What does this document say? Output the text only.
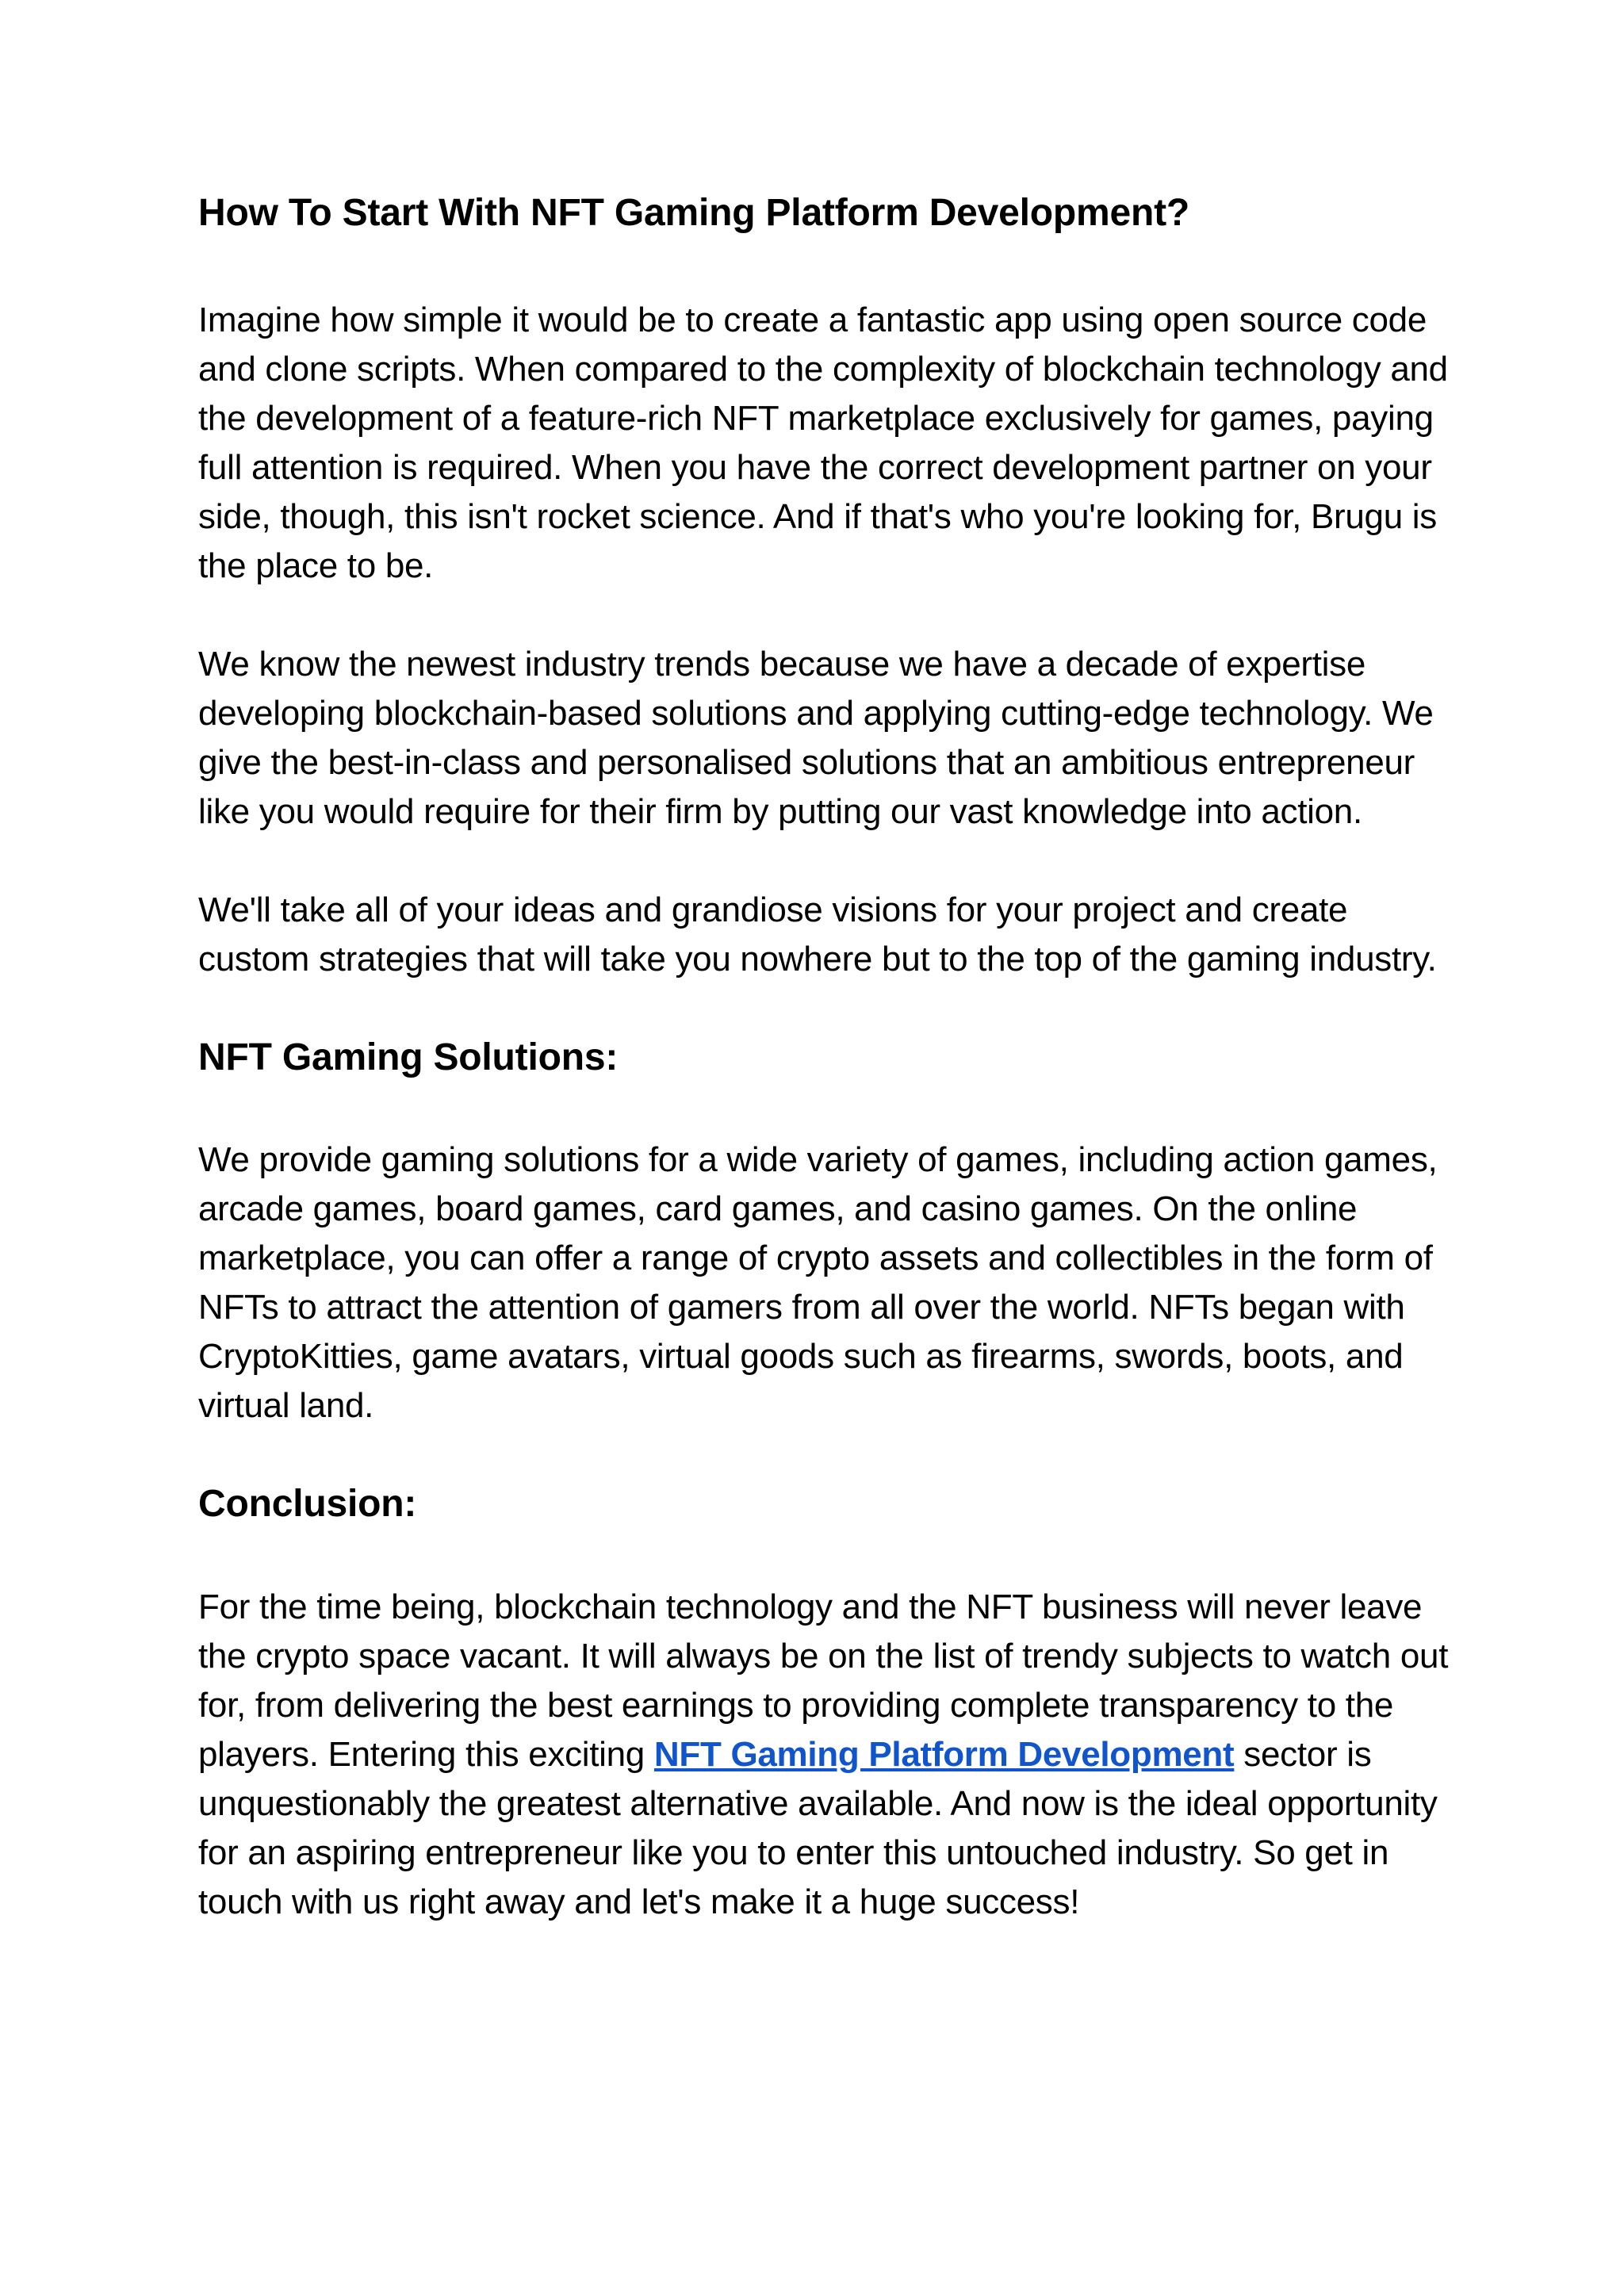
How To Start With NFT Gaming Platform Development?

Imagine how simple it would be to create a fantastic app using open source code and clone scripts. When compared to the complexity of blockchain technology and the development of a feature-rich NFT marketplace exclusively for games, paying full attention is required. When you have the correct development partner on your side, though, this isn't rocket science. And if that's who you're looking for, Brugu is the place to be.

We know the newest industry trends because we have a decade of expertise developing blockchain-based solutions and applying cutting-edge technology. We give the best-in-class and personalised solutions that an ambitious entrepreneur like you would require for their firm by putting our vast knowledge into action.

We'll take all of your ideas and grandiose visions for your project and create custom strategies that will take you nowhere but to the top of the gaming industry.

NFT Gaming Solutions:

We provide gaming solutions for a wide variety of games, including action games, arcade games, board games, card games, and casino games. On the online marketplace, you can offer a range of crypto assets and collectibles in the form of NFTs to attract the attention of gamers from all over the world. NFTs began with CryptoKitties, game avatars, virtual goods such as firearms, swords, boots, and virtual land.

Conclusion:

For the time being, blockchain technology and the NFT business will never leave the crypto space vacant. It will always be on the list of trendy subjects to watch out for, from delivering the best earnings to providing complete transparency to the players. Entering this exciting NFT Gaming Platform Development sector is unquestionably the greatest alternative available. And now is the ideal opportunity for an aspiring entrepreneur like you to enter this untouched industry. So get in touch with us right away and let's make it a huge success!
